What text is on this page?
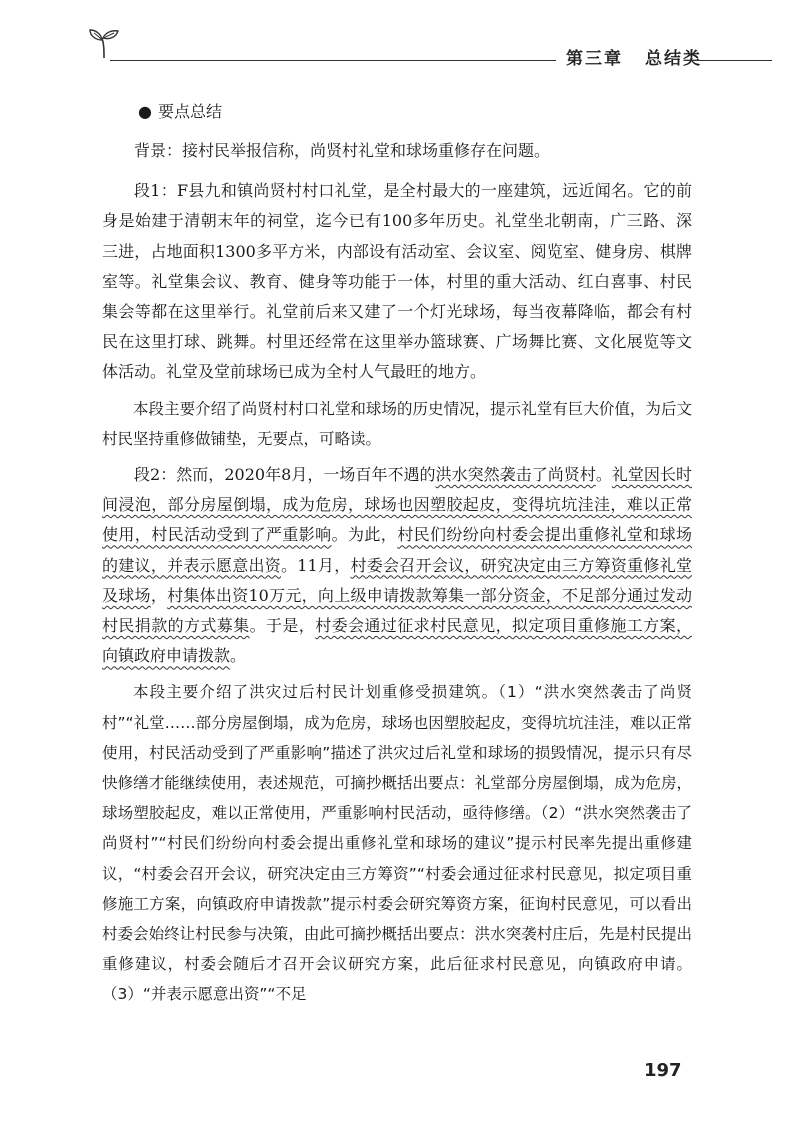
第三章 总结类
● 要点总结

背景：接村民举报信称，尚贤村礼堂和球场重修存在问题。

段1：F县九和镇尚贤村村口礼堂，是全村最大的一座建筑，远近闻名。它的前身是始建于清朝末年的祠堂，迄今已有100多年历史。礼堂坐北朝南，广三路、深三进，占地面积1300多平方米，内部设有活动室、会议室、阅览室、健身房、棋牌室等。礼堂集会议、教育、健身等功能于一体，村里的重大活动、红白喜事、村民集会等都在这里举行。礼堂前后来又建了一个灯光球场，每当夜幕降临，都会有村民在这里打球、跳舞。村里还经常在这里举办篮球赛、广场舞比赛、文化展览等文体活动。礼堂及堂前球场已成为全村人气最旺的地方。

本段主要介绍了尚贤村村口礼堂和球场的历史情况，提示礼堂有巨大价值，为后文村民坚持重修做铺垫，无要点，可略读。

段2：然而，2020年8月，一场百年不遇的洪水突然袭击了尚贤村。礼堂因长时间浸泡，部分房屋倒塌，成为危房，球场也因塑胶起皮，变得坑坑洼洼，难以正常使用，村民活动受到了严重影响。为此，村民们纷纷向村委会提出重修礼堂和球场的建议，并表示愿意出资。11月，村委会召开会议，研究决定由三方筹资重修礼堂及球场，村集体出资10万元，向上级申请拨款筹集一部分资金，不足部分通过发动村民捐款的方式募集。于是，村委会通过征求村民意见，拟定项目重修施工方案，向镇政府申请拨款。

本段主要介绍了洪灾过后村民计划重修受损建筑。（1）“洪水突然袭击了尚贤村”“礼堂……部分房屋倒塌，成为危房，球场也因塑胶起皮，变得坑坑洼洼，难以正常使用，村民活动受到了严重影响”描述了洪灾过后礼堂和球场的损毁情况，提示只有尽快修缮才能继续使用，表述规范，可摘抄概括出要点：礼堂部分房屋倒塌，成为危房，球场塑胶起皮，难以正常使用，严重影响村民活动，亟待修缮。（2）“洪水突然袭击了尚贤村”“村民们纷纷向村委会提出重修礼堂和球场的建议”提示村民率先提出重修建议，“村委会召开会议，研究决定由三方筹资”“村委会通过征求村民意见，拟定项目重修施工方案，向镇政府申请拨款”提示村委会研究筹资方案，征询村民意见，可以看出村委会始终让村民参与决策，由此可摘抄概括出要点：洪水突袭村庄后，先是村民提出重修建议，村委会随后才召开会议研究方案，此后征求村民意见，向镇政府申请。（3）“并表示愿意出资”“不足

197
